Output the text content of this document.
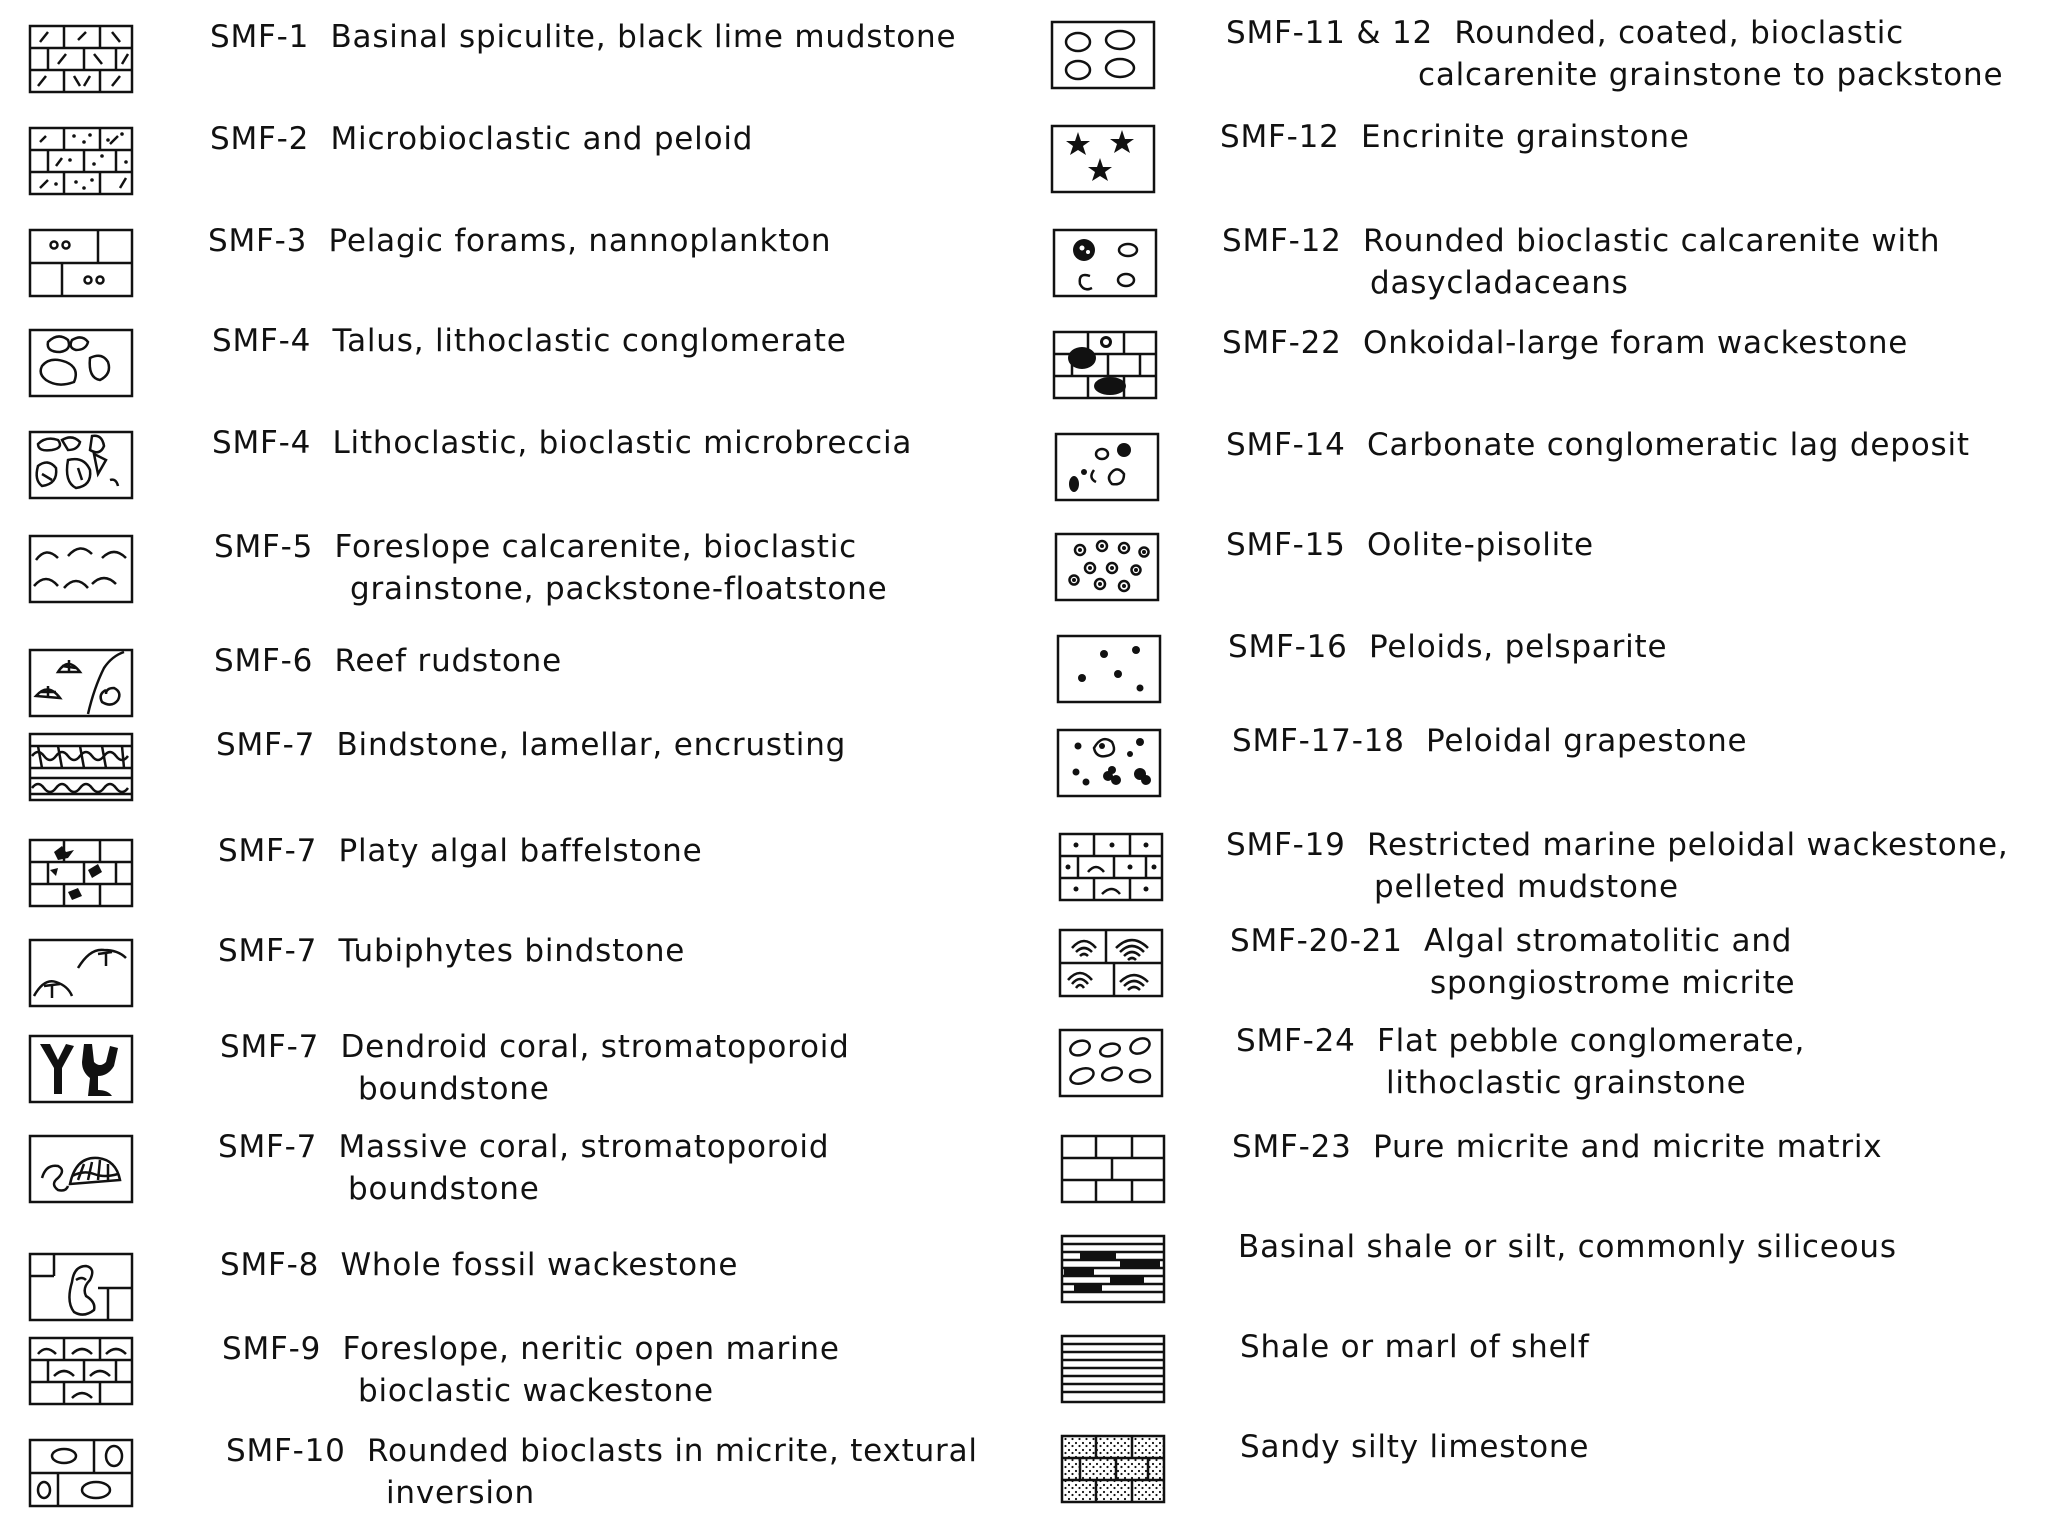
SMF-1 Basinal spiculite, black lime mudstone
SMF-2 Microbioclastic and peloid
SMF-3 Pelagic forams, nannoplankton
SMF-4 Talus, lithoclastic conglomerate
SMF-4 Lithoclastic, bioclastic microbreccia
SMF-5 Foreslope calcarenite, bioclastic
grainstone, packstone-floatstone
SMF-6 Reef rudstone
SMF-7 Bindstone, lamellar, encrusting
SMF-7 Platy algal baffelstone
SMF-7 Tubiphytes bindstone
SMF-7 Dendroid coral, stromatoporoid
boundstone
SMF-7 Massive coral, stromatoporoid
boundstone
SMF-8 Whole fossil wackestone
SMF-9 Foreslope, neritic open marine
bioclastic wackestone
SMF-10 Rounded bioclasts in micrite, textural
inversion
SMF-11 & 12 Rounded, coated, bioclastic
calcarenite grainstone to packstone
SMF-12 Encrinite grainstone
SMF-12 Rounded bioclastic calcarenite with
dasycladaceans
SMF-22 Onkoidal-large foram wackestone
SMF-14 Carbonate conglomeratic lag deposit
SMF-15 Oolite-pisolite
SMF-16 Peloids, pelsparite
SMF-17-18 Peloidal grapestone
SMF-19 Restricted marine peloidal wackestone,
pelleted mudstone
SMF-20-21 Algal stromatolitic and
spongiostrome micrite
SMF-24 Flat pebble conglomerate,
lithoclastic grainstone
SMF-23 Pure micrite and micrite matrix
Basinal shale or silt, commonly siliceous
Shale or marl of shelf
Sandy silty limestone
